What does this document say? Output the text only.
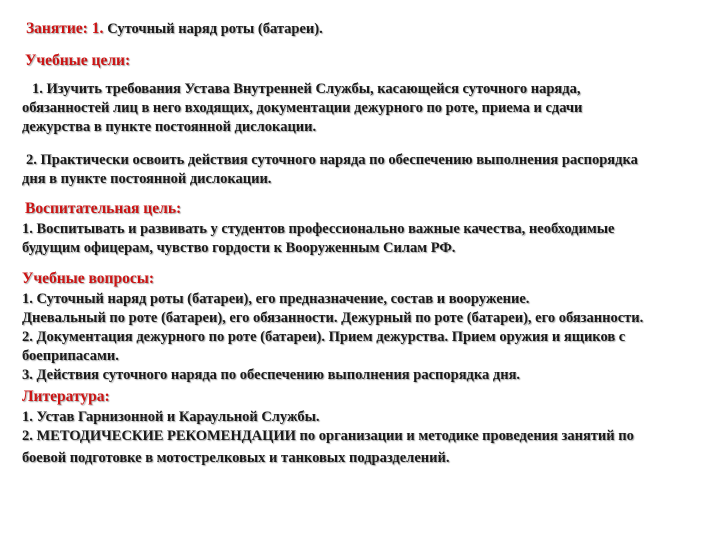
Занятие: 1. Суточный наряд роты (батареи).
Учебные цели:
1. Изучить требования Устава Внутренней Службы, касающейся суточного наряда,
обязанностей лиц в него входящих, документации дежурного по роте, приема и сдачи
дежурства в пункте постоянной дислокации.
2. Практически освоить действия суточного наряда по обеспечению выполнения распорядка
дня в пункте постоянной дислокации.
Воспитательная цель:
1. Воспитывать и развивать у студентов профессионально важные качества, необходимые
будущим офицерам, чувство гордости к Вооруженным Силам РФ.
Учебные вопросы:
1. Суточный наряд роты (батареи), его предназначение, состав и вооружение.
Дневальный по роте (батареи), его обязанности. Дежурный по роте (батареи), его обязанности.
2. Документация дежурного по роте (батареи). Прием дежурства. Прием оружия и ящиков с
боеприпасами.
3. Действия суточного наряда по обеспечению выполнения распорядка дня.
Литература:
1. Устав Гарнизонной и Караульной Службы.
2. МЕТОДИЧЕСКИЕ РЕКОМЕНДАЦИИ по организации и методике проведения занятий по
боевой подготовке в мотострелковых и танковых подразделений.
